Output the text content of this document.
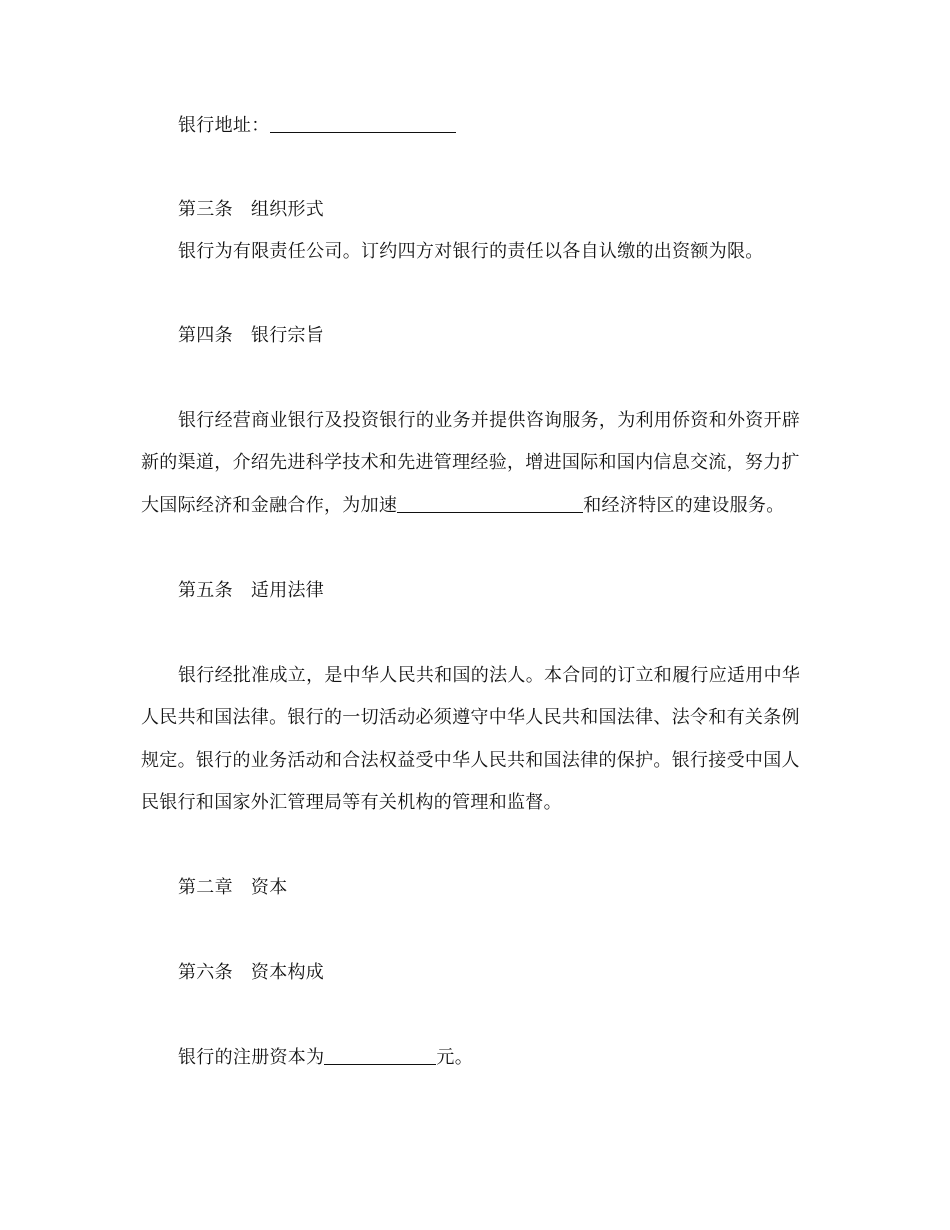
银行地址：
第三条 组织形式
银行为有限责任公司。订约四方对银行的责任以各自认缴的出资额为限。
第四条 银行宗旨
银行经营商业银行及投资银行的业务并提供咨询服务，为利用侨资和外资开辟
新的渠道，介绍先进科学技术和先进管理经验，增进国际和国内信息交流，努力扩
大国际经济和金融合作，为加速	和经济特区的建设服务。
第五条 适用法律
银行经批准成立，是中华人民共和国的法人。本合同的订立和履行应适用中华
人民共和国法律。银行的一切活动必须遵守中华人民共和国法律、法令和有关条例
规定。银行的业务活动和合法权益受中华人民共和国法律的保护。银行接受中国人
民银行和国家外汇管理局等有关机构的管理和监督。
第二章 资本
第六条 资本构成
银行的注册资本为	元。
